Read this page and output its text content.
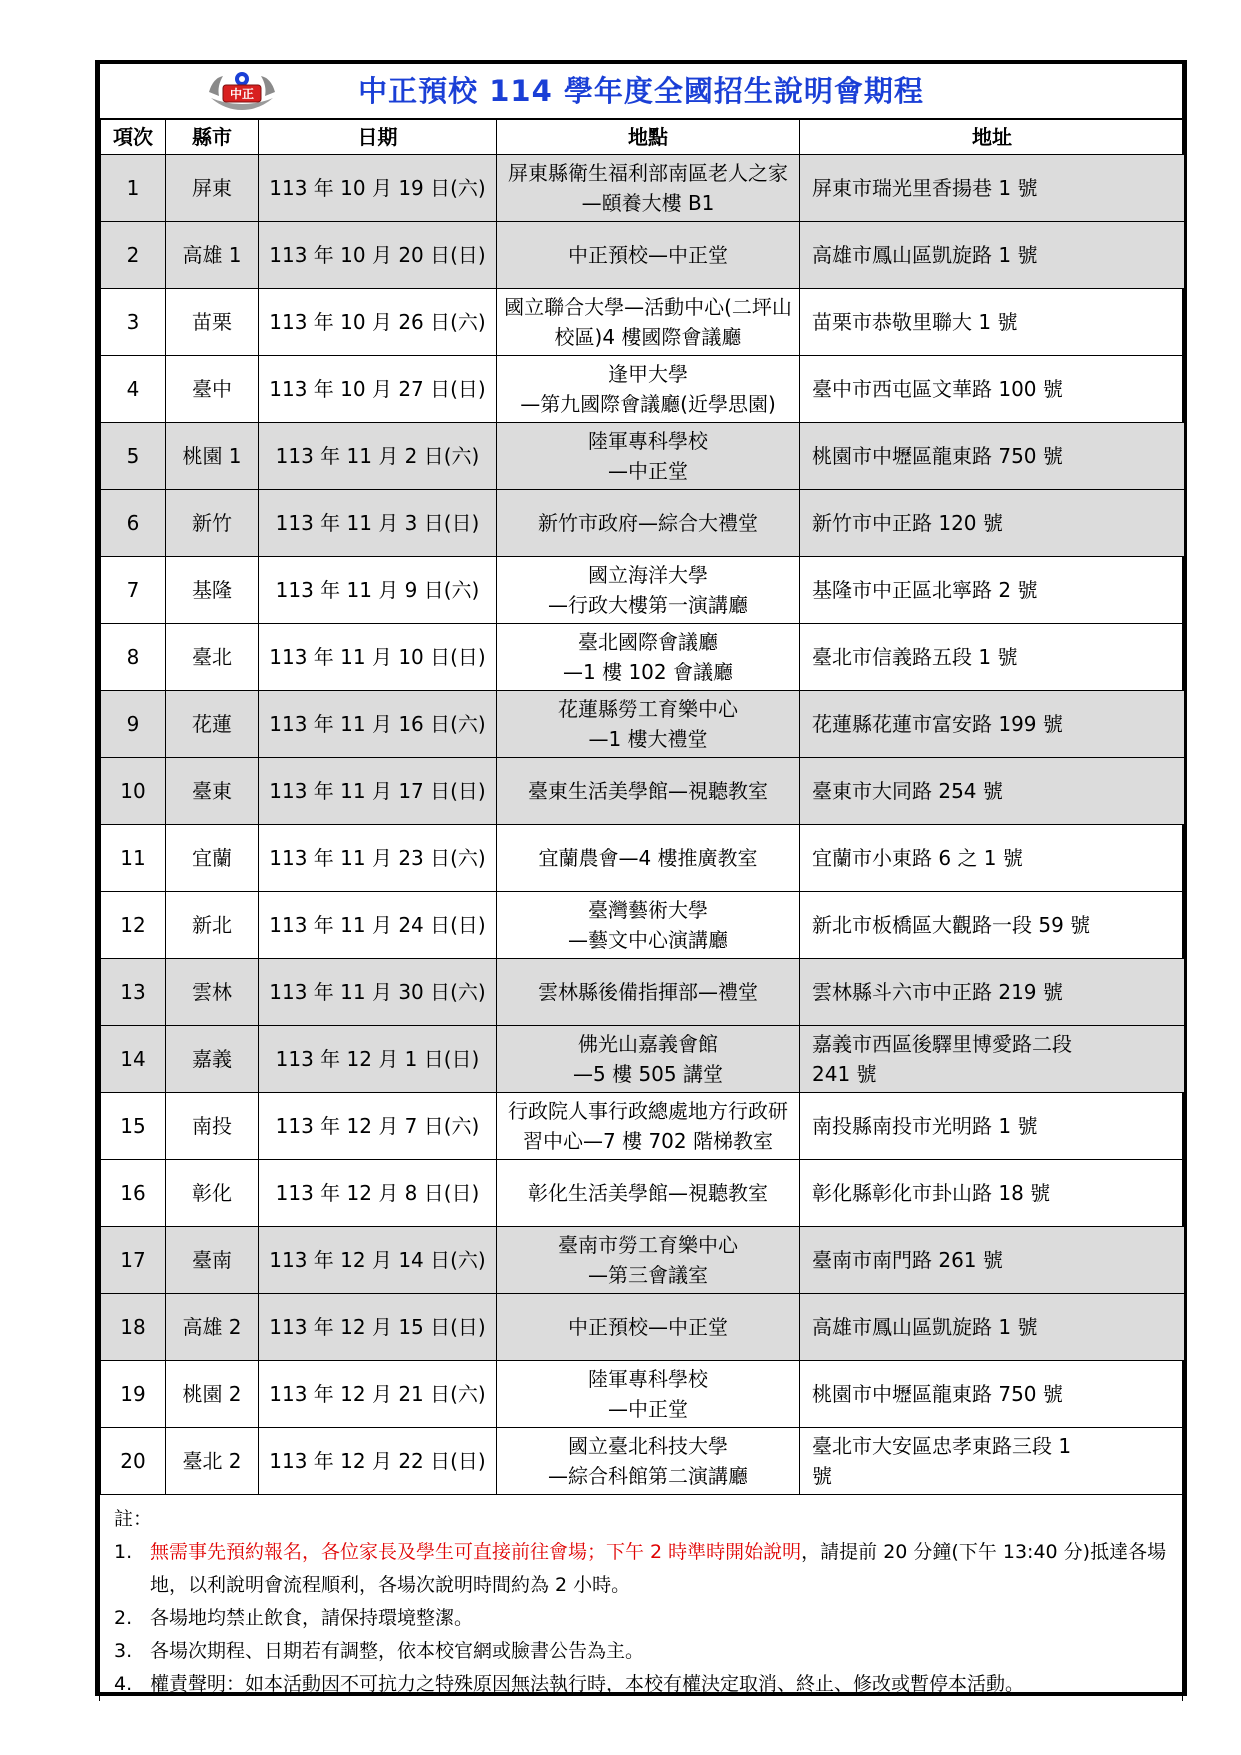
中正	中正預校 114 學年度全國招生說明會期程
項次	縣市	日期	地點	地址
1	屏東	113 年 10 月 19 日(六)	屏東縣衛生福利部南區老人之家
—頤養大樓 B1	屏東市瑞光里香揚巷 1 號
2	高雄 1	113 年 10 月 20 日(日)	中正預校—中正堂	高雄市鳳山區凱旋路 1 號
3	苗栗	113 年 10 月 26 日(六)	國立聯合大學—活動中心(二坪山
校區)4 樓國際會議廳	苗栗市恭敬里聯大 1 號
4	臺中	113 年 10 月 27 日(日)	逢甲大學
—第九國際會議廳(近學思園)	臺中市西屯區文華路 100 號
5	桃園 1	113 年 11 月 2 日(六)	陸軍專科學校
—中正堂	桃園市中壢區龍東路 750 號
6	新竹	113 年 11 月 3 日(日)	新竹市政府—綜合大禮堂	新竹市中正路 120 號
7	基隆	113 年 11 月 9 日(六)	國立海洋大學
—行政大樓第一演講廳	基隆市中正區北寧路 2 號
8	臺北	113 年 11 月 10 日(日)	臺北國際會議廳
—1 樓 102 會議廳	臺北市信義路五段 1 號
9	花蓮	113 年 11 月 16 日(六)	花蓮縣勞工育樂中心
—1 樓大禮堂	花蓮縣花蓮市富安路 199 號
10	臺東	113 年 11 月 17 日(日)	臺東生活美學館—視聽教室	臺東市大同路 254 號
11	宜蘭	113 年 11 月 23 日(六)	宜蘭農會—4 樓推廣教室	宜蘭市小東路 6 之 1 號
12	新北	113 年 11 月 24 日(日)	臺灣藝術大學
—藝文中心演講廳	新北市板橋區大觀路一段 59 號
13	雲林	113 年 11 月 30 日(六)	雲林縣後備指揮部—禮堂	雲林縣斗六市中正路 219 號
14	嘉義	113 年 12 月 1 日(日)	佛光山嘉義會館
—5 樓 505 講堂	嘉義市西區後驛里博愛路二段
241 號
15	南投	113 年 12 月 7 日(六)	行政院人事行政總處地方行政研
習中心—7 樓 702 階梯教室	南投縣南投市光明路 1 號
16	彰化	113 年 12 月 8 日(日)	彰化生活美學館—視聽教室	彰化縣彰化市卦山路 18 號
17	臺南	113 年 12 月 14 日(六)	臺南市勞工育樂中心
—第三會議室	臺南市南門路 261 號
18	高雄 2	113 年 12 月 15 日(日)	中正預校—中正堂	高雄市鳳山區凱旋路 1 號
19	桃園 2	113 年 12 月 21 日(六)	陸軍專科學校
—中正堂	桃園市中壢區龍東路 750 號
20	臺北 2	113 年 12 月 22 日(日)	國立臺北科技大學
—綜合科館第二演講廳	臺北市大安區忠孝東路三段 1
號
註：
1. 無需事先預約報名，各位家長及學生可直接前往會場；下午 2 時準時開始說明，請提前 20 分鐘(下午 13:40 分)抵達各場地，以利說明會流程順利，各場次說明時間約為 2 小時。
2. 各場地均禁止飲食，請保持環境整潔。
3. 各場次期程、日期若有調整，依本校官網或臉書公告為主。
4. 權責聲明：如本活動因不可抗力之特殊原因無法執行時，本校有權決定取消、終止、修改或暫停本活動。
